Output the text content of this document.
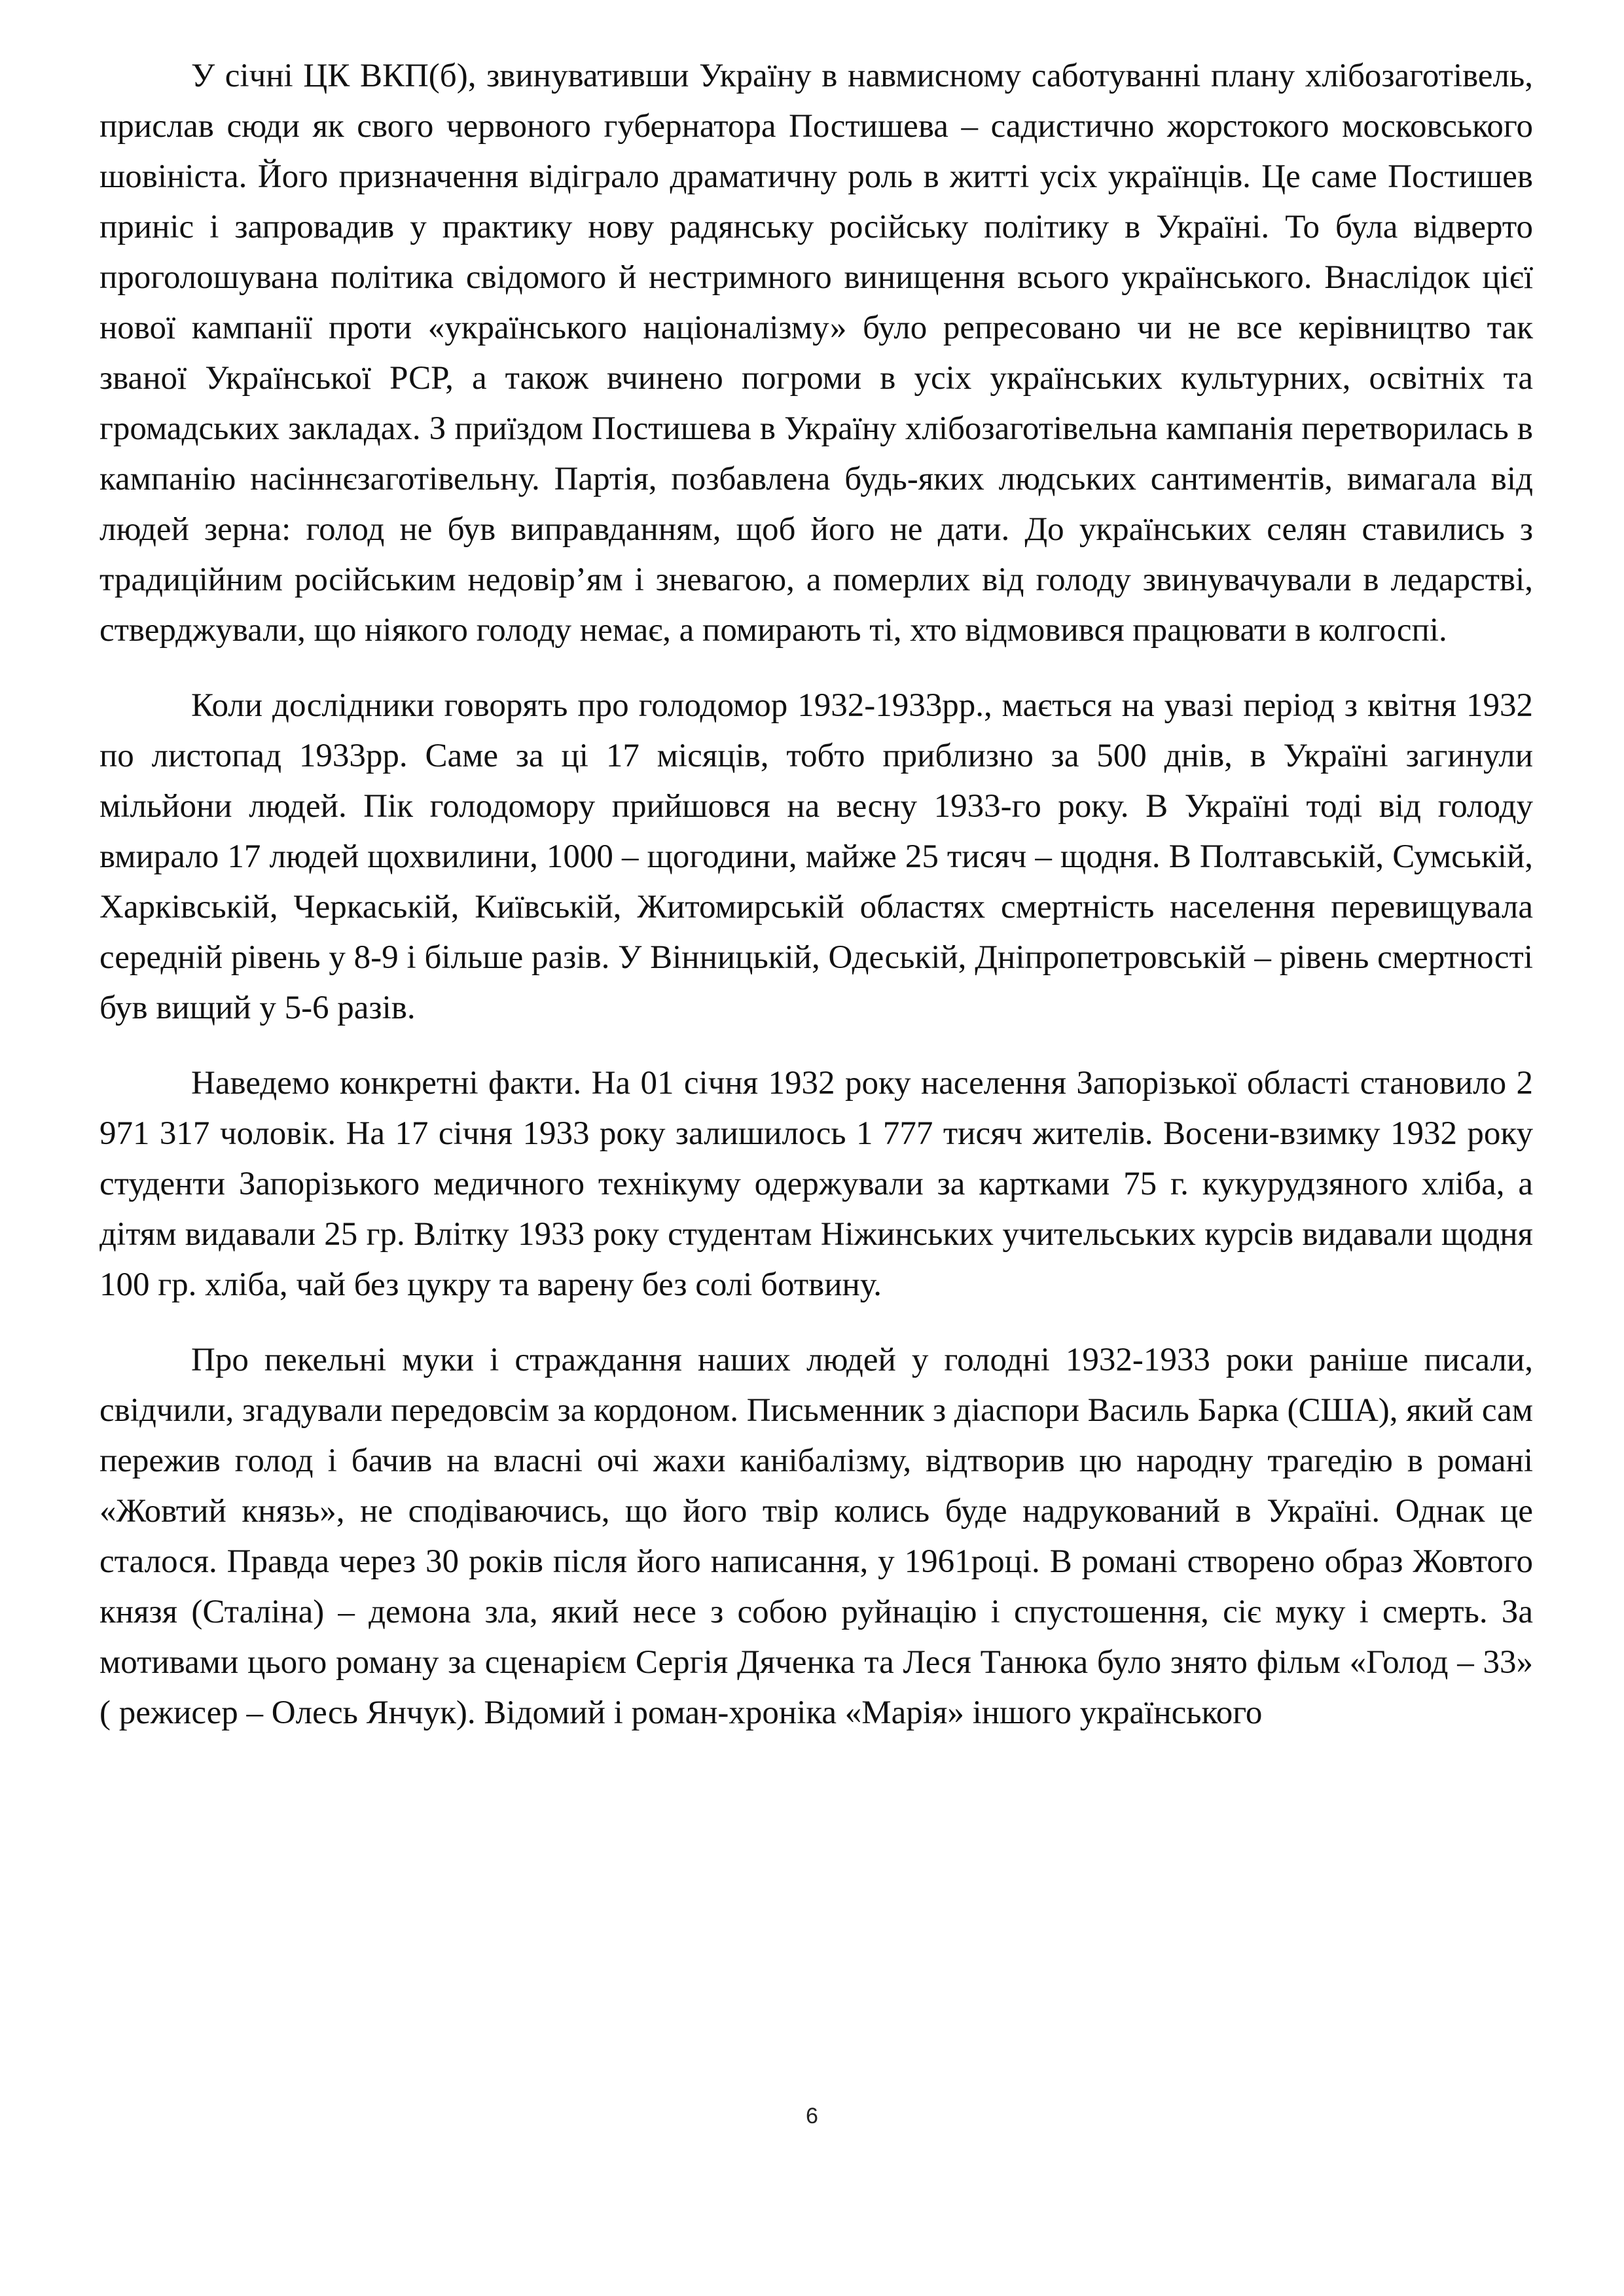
У січні ЦК ВКП(б), звинувативши Україну в навмисному саботуванні плану хлібозаготівель, прислав сюди як свого червоного губернатора Постишева – садистично жорстокого московського шовініста. Його призначення відіграло драматичну роль в житті усіх українців. Це саме Постишев приніс і запровадив у практику нову радянську російську політику в Україні. То була відверто проголошувана політика свідомого й нестримного винищення всього українського. Внаслідок цієї нової кампанії проти «українського націоналізму» було репресовано чи не все керівництво так званої Української РСР, а також вчинено погроми в усіх українських культурних, освітніх та громадських закладах. З приїздом Постишева в Україну хлібозаготівельна кампанія перетворилась в кампанію насіннєзаготівельну. Партія, позбавлена будь-яких людських сантиментів, вимагала від людей зерна: голод не був виправданням, щоб його не дати. До українських селян ставились з традиційним російським недовір’ям і зневагою, а померлих від голоду звинувачували в ледарстві, стверджували, що ніякого голоду немає, а помирають ті, хто відмовився працювати в колгоспі.

Коли дослідники говорять про голодомор 1932-1933рр., мається на увазі період з квітня 1932 по листопад 1933рр. Саме за ці 17 місяців, тобто приблизно за 500 днів, в Україні загинули мільйони людей. Пік голодомору прийшовся на весну 1933-го року. В Україні тоді від голоду вмирало 17 людей щохвилини, 1000 – щогодини, майже 25 тисяч – щодня. В Полтавській, Сумській, Харківській, Черкаській, Київській, Житомирській областях смертність населення перевищувала середній рівень у 8-9 і більше разів. У Вінницькій, Одеській, Дніпропетровській – рівень смертності був вищий у 5-6 разів.

Наведемо конкретні факти. На 01 січня 1932 року населення Запорізької області становило 2 971 317 чоловік. На 17 січня 1933 року залишилось 1 777 тисяч жителів. Восени-взимку 1932 року студенти Запорізького медичного технікуму одержували за картками 75 г. кукурудзяного хліба, а дітям видавали 25 гр. Влітку 1933 року студентам Ніжинських учительських курсів видавали щодня 100 гр. хліба, чай без цукру та варену без солі ботвину.

Про пекельні муки і страждання наших людей у голодні 1932-1933 роки раніше писали, свідчили, згадували передовсім за кордоном. Письменник з діаспори Василь Барка (США), який сам пережив голод і бачив на власні очі жахи канібалізму, відтворив цю народну трагедію в романі «Жовтий князь», не сподіваючись, що його твір колись буде надрукований в Україні. Однак це сталося. Правда через 30 років після його написання, у 1961році. В романі створено образ Жовтого князя (Сталіна) – демона зла, який несе з собою руйнацію і спустошення, сіє муку і смерть. За мотивами цього роману за сценарієм Сергія Дяченка та Леся Танюка було знято фільм «Голод – 33» ( режисер – Олесь Янчук). Відомий і роман-хроніка «Марія» іншого українського

6
